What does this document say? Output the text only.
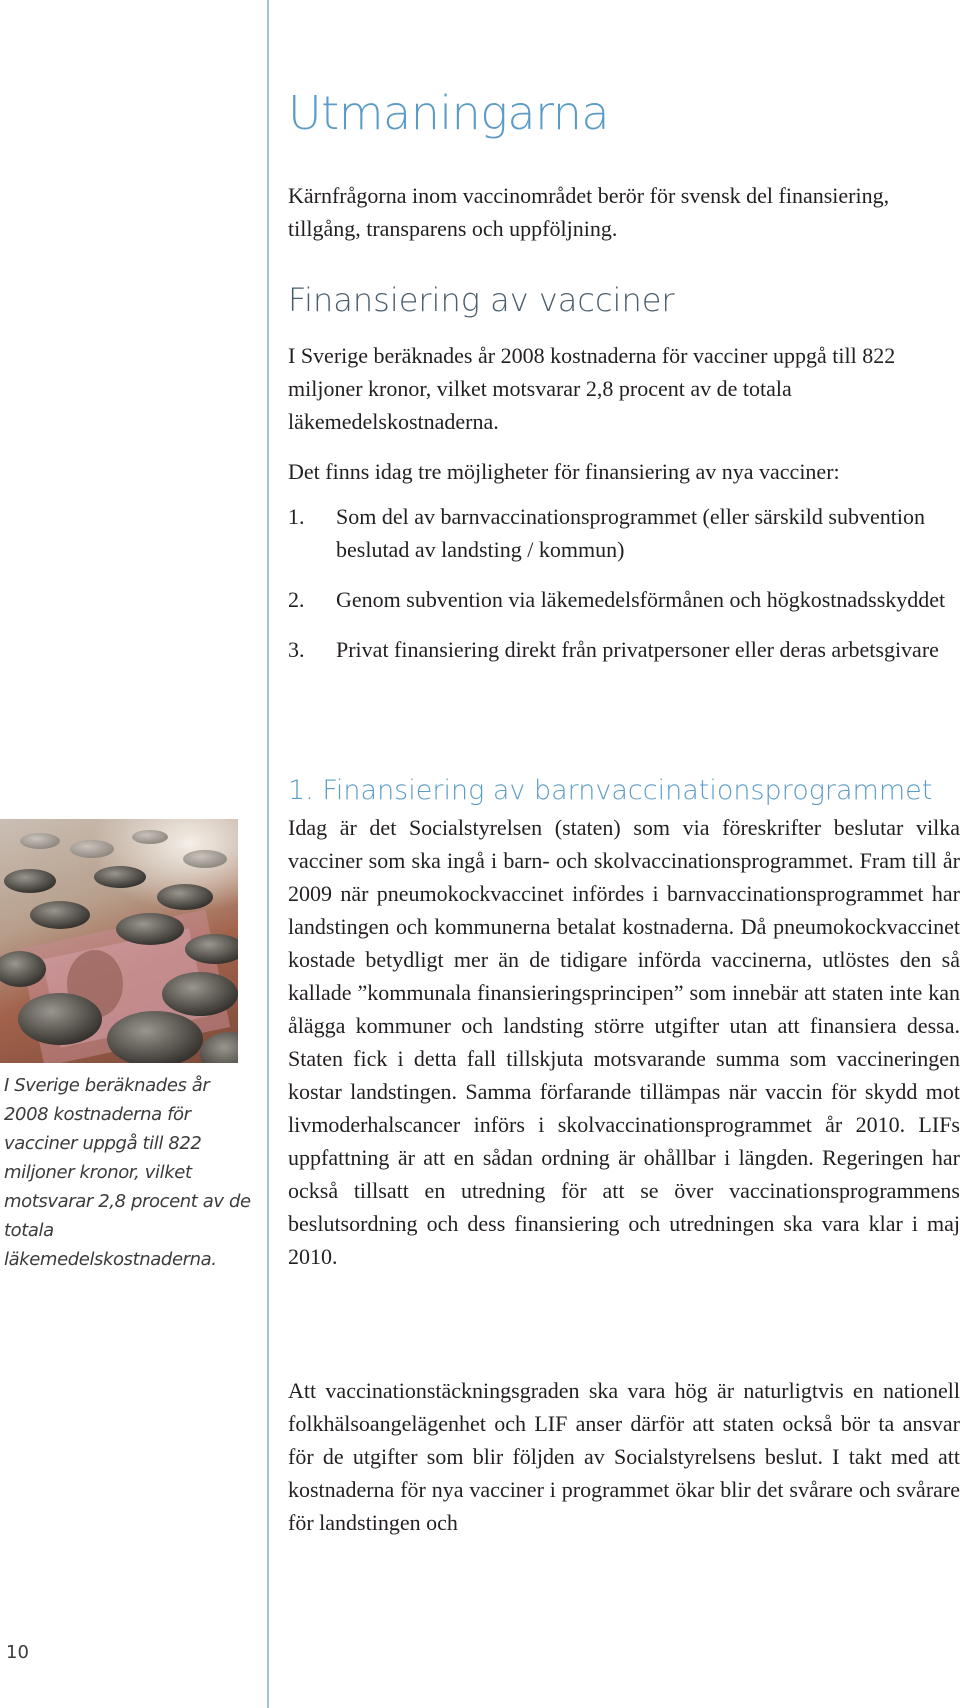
I Sverige beräknades år 2008 kostnaderna för vacciner uppgå till 822 miljoner kronor, vilket motsvarar 2,8 procent av de totala läkemedelskostnaderna.

10
Utmaningarna

Kärnfrågorna inom vaccinområdet berör för svensk del finansiering, tillgång, transparens och uppföljning.

Finansiering av vacciner

I Sverige beräknades år 2008 kostnaderna för vacciner uppgå till 822 miljoner kronor, vilket motsvarar 2,8 procent av de totala läkemedelskostnaderna.

Det finns idag tre möjligheter för finansiering av nya vacciner:

1. Som del av barnvaccinationsprogrammet (eller särskild subvention beslutad av landsting / kommun)
2. Genom subvention via läkemedelsförmånen och högkostnadsskyddet
3. Privat finansiering direkt från privatpersoner eller deras arbetsgivare
1. Finansiering av barnvaccinationsprogrammet

Idag är det Socialstyrelsen (staten) som via föreskrifter beslutar vilka vacciner som ska ingå i barn- och skolvaccinationsprogrammet. Fram till år 2009 när pneumokockvaccinet infördes i barnvaccinationsprogrammet har landstingen och kommunerna betalat kostnaderna. Då pneumokockvaccinet kostade betydligt mer än de tidigare införda vaccinerna, utlöstes den så kallade ”kommunala finansieringsprincipen” som innebär att staten inte kan ålägga kommuner och landsting större utgifter utan att finansiera dessa. Staten fick i detta fall tillskjuta motsvarande summa som vaccineringen kostar landstingen. Samma förfarande tillämpas när vaccin för skydd mot livmoderhalscancer införs i skolvaccinationsprogrammet år 2010. LIFs uppfattning är att en sådan ordning är ohållbar i längden. Regeringen har också tillsatt en utredning för att se över vaccinationsprogrammens beslutsordning och dess finansiering och utredningen ska vara klar i maj 2010.

Att vaccinationstäckningsgraden ska vara hög är naturligtvis en nationell folkhälsoangelägenhet och LIF anser därför att staten också bör ta ansvar för de utgifter som blir följden av Socialstyrelsens beslut. I takt med att kostnaderna för nya vacciner i programmet ökar blir det svårare och svårare för landstingen och
